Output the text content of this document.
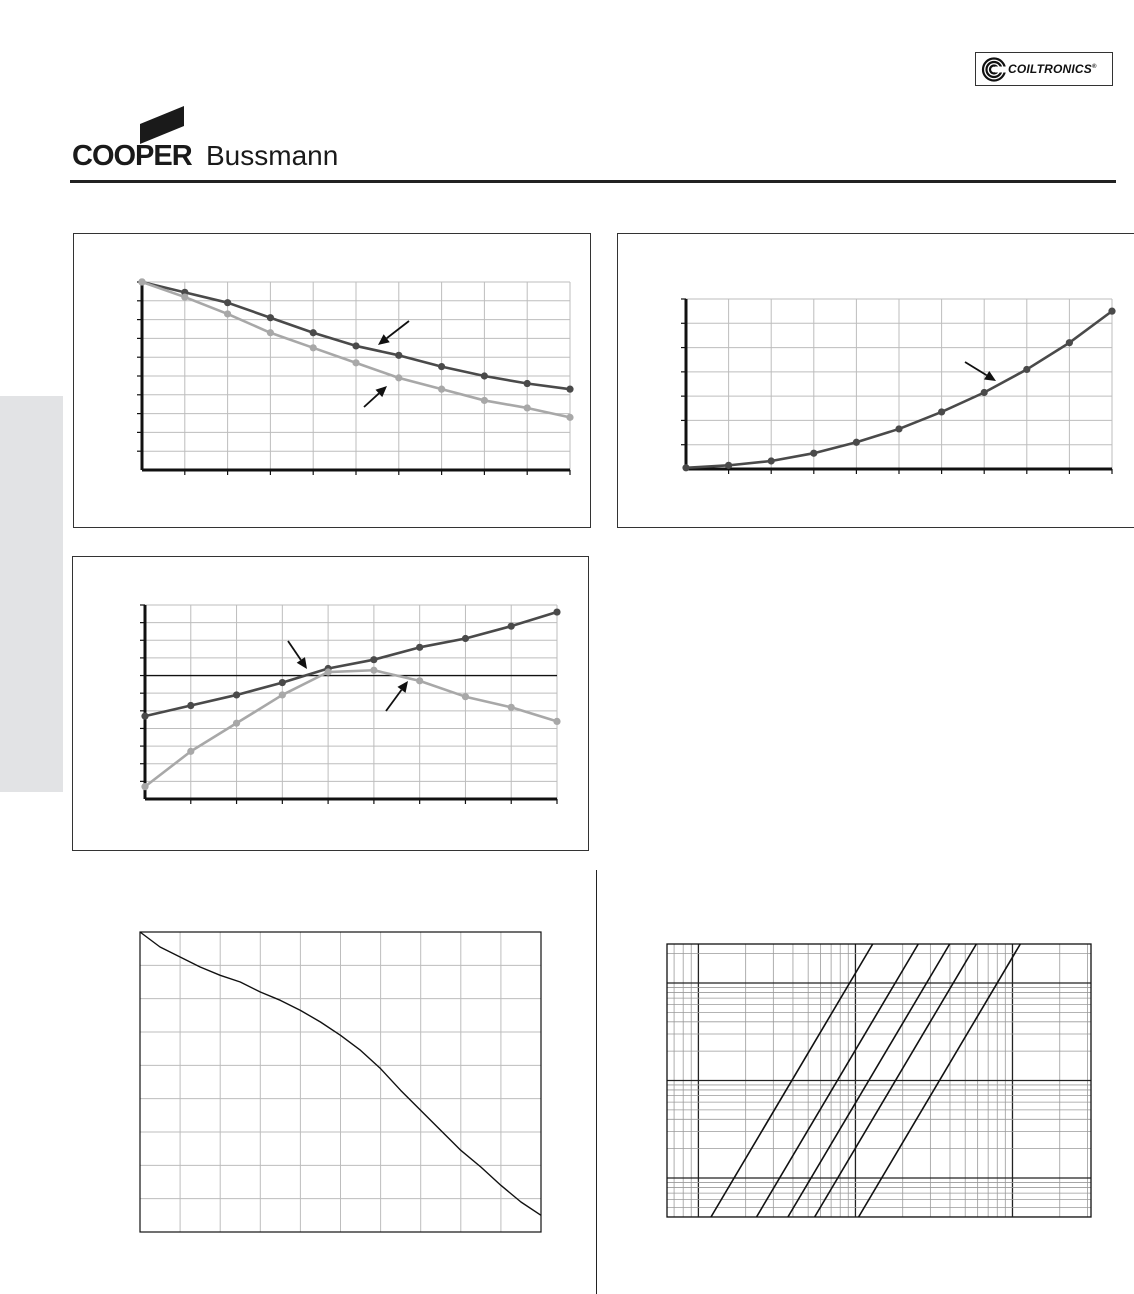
COILTRONICS®
COOPER Bussmann
